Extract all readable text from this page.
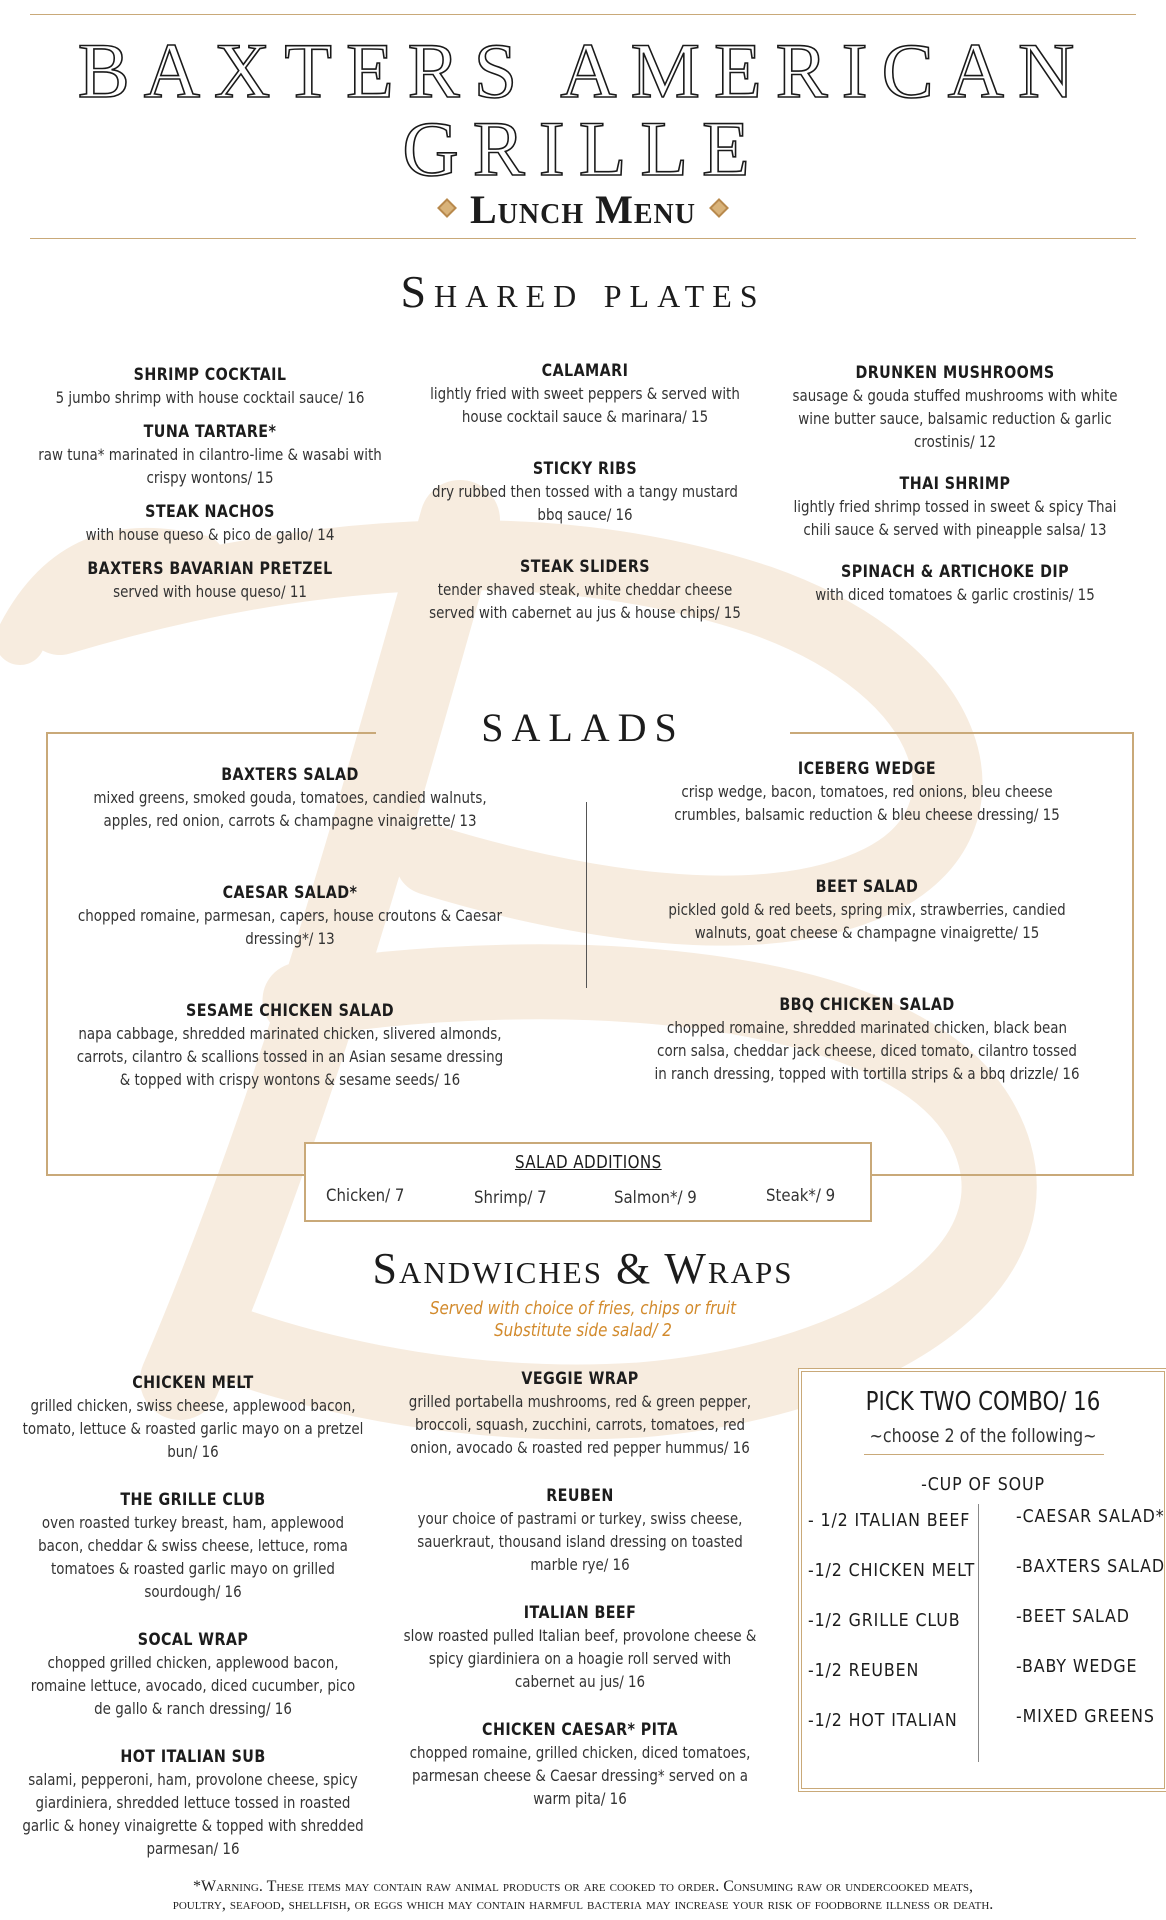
BAXTERS AMERICAN
GRILLE
Lunch Menu
Shared plates
SHRIMP COCKTAIL
5 jumbo shrimp with house cocktail sauce/ 16
TUNA TARTARE*
raw tuna* marinated in cilantro-lime & wasabi with crispy wontons/ 15
STEAK NACHOS
with house queso & pico de gallo/ 14
BAXTERS BAVARIAN PRETZEL
served with house queso/ 11
CALAMARI
lightly fried with sweet peppers & served with house cocktail sauce & marinara/ 15
STICKY RIBS
dry rubbed then tossed with a tangy mustard bbq sauce/ 16
STEAK SLIDERS
tender shaved steak, white cheddar cheese served with cabernet au jus & house chips/ 15
DRUNKEN MUSHROOMS
sausage & gouda stuffed mushrooms with white wine butter sauce, balsamic reduction & garlic crostinis/ 12
THAI SHRIMP
lightly fried shrimp tossed in sweet & spicy Thai chili sauce & served with pineapple salsa/ 13
SPINACH & ARTICHOKE DIP
with diced tomatoes & garlic crostinis/ 15
SALADS
BAXTERS SALAD
mixed greens, smoked gouda, tomatoes, candied walnuts, apples, red onion, carrots & champagne vinaigrette/ 13
CAESAR SALAD*
chopped romaine, parmesan, capers, house croutons & Caesar dressing*/ 13
SESAME CHICKEN SALAD
napa cabbage, shredded marinated chicken, slivered almonds, carrots, cilantro & scallions tossed in an Asian sesame dressing & topped with crispy wontons & sesame seeds/ 16
ICEBERG WEDGE
crisp wedge, bacon, tomatoes, red onions, bleu cheese crumbles, balsamic reduction & bleu cheese dressing/ 15
BEET SALAD
pickled gold & red beets, spring mix, strawberries, candied walnuts, goat cheese & champagne vinaigrette/ 15
BBQ CHICKEN SALAD
chopped romaine, shredded marinated chicken, black bean corn salsa, cheddar jack cheese, diced tomato, cilantro tossed in ranch dressing, topped with tortilla strips & a bbq drizzle/ 16
SALAD ADDITIONS
Chicken/ 7	Shrimp/ 7	Salmon*/ 9	Steak*/ 9
Sandwiches & Wraps
Served with choice of fries, chips or fruit
Substitute side salad/ 2
CHICKEN MELT
grilled chicken, swiss cheese, applewood bacon, tomato, lettuce & roasted garlic mayo on a pretzel bun/ 16
THE GRILLE CLUB
oven roasted turkey breast, ham, applewood bacon, cheddar & swiss cheese, lettuce, roma tomatoes & roasted garlic mayo on grilled sourdough/ 16
SOCAL WRAP
chopped grilled chicken, applewood bacon, romaine lettuce, avocado, diced cucumber, pico de gallo & ranch dressing/ 16
HOT ITALIAN SUB
salami, pepperoni, ham, provolone cheese, spicy giardiniera, shredded lettuce tossed in roasted garlic & honey vinaigrette & topped with shredded parmesan/ 16
VEGGIE WRAP
grilled portabella mushrooms, red & green pepper, broccoli, squash, zucchini, carrots, tomatoes, red onion, avocado & roasted red pepper hummus/ 16
REUBEN
your choice of pastrami or turkey, swiss cheese, sauerkraut, thousand island dressing on toasted marble rye/ 16
ITALIAN BEEF
slow roasted pulled Italian beef, provolone cheese & spicy giardiniera on a hoagie roll served with cabernet au jus/ 16
CHICKEN CAESAR* PITA
chopped romaine, grilled chicken, diced tomatoes, parmesan cheese & Caesar dressing* served on a warm pita/ 16
PICK TWO COMBO/ 16
~choose 2 of the following~
-CUP OF SOUP
- 1/2 ITALIAN BEEF
-1/2 CHICKEN MELT
-1/2 GRILLE CLUB
-1/2 REUBEN
-1/2 HOT ITALIAN
-CAESAR SALAD*
-BAXTERS SALAD
-BEET SALAD
-BABY WEDGE
-MIXED GREENS
*Warning. These items may contain raw animal products or are cooked to order. Consuming raw or undercooked meats,
poultry, seafood, shellfish, or eggs which may contain harmful bacteria may increase your risk of foodborne illness or death.
